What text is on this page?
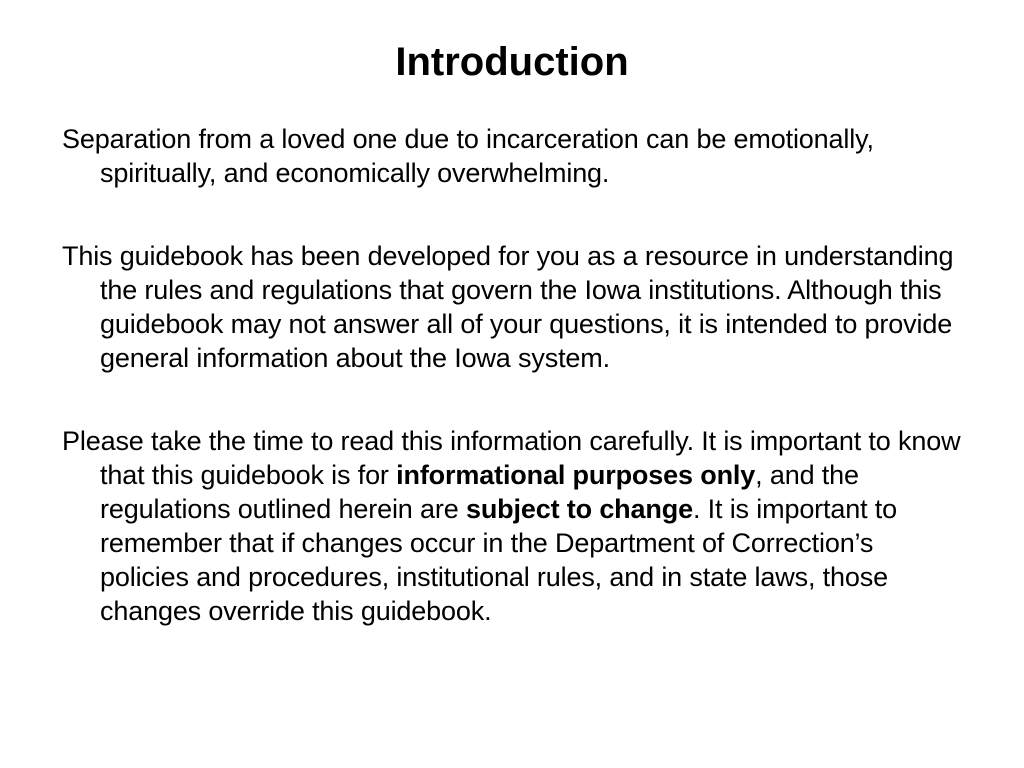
Introduction

Separation from a loved one due to incarceration can be emotionally, spiritually, and economically overwhelming.

This guidebook has been developed for you as a resource in understanding the rules and regulations that govern the Iowa institutions. Although this guidebook may not answer all of your questions, it is intended to provide general information about the Iowa system.

Please take the time to read this information carefully. It is important to know that this guidebook is for informational purposes only, and the regulations outlined herein are subject to change. It is important to remember that if changes occur in the Department of Correction’s policies and procedures, institutional rules, and in state laws, those changes override this guidebook.
